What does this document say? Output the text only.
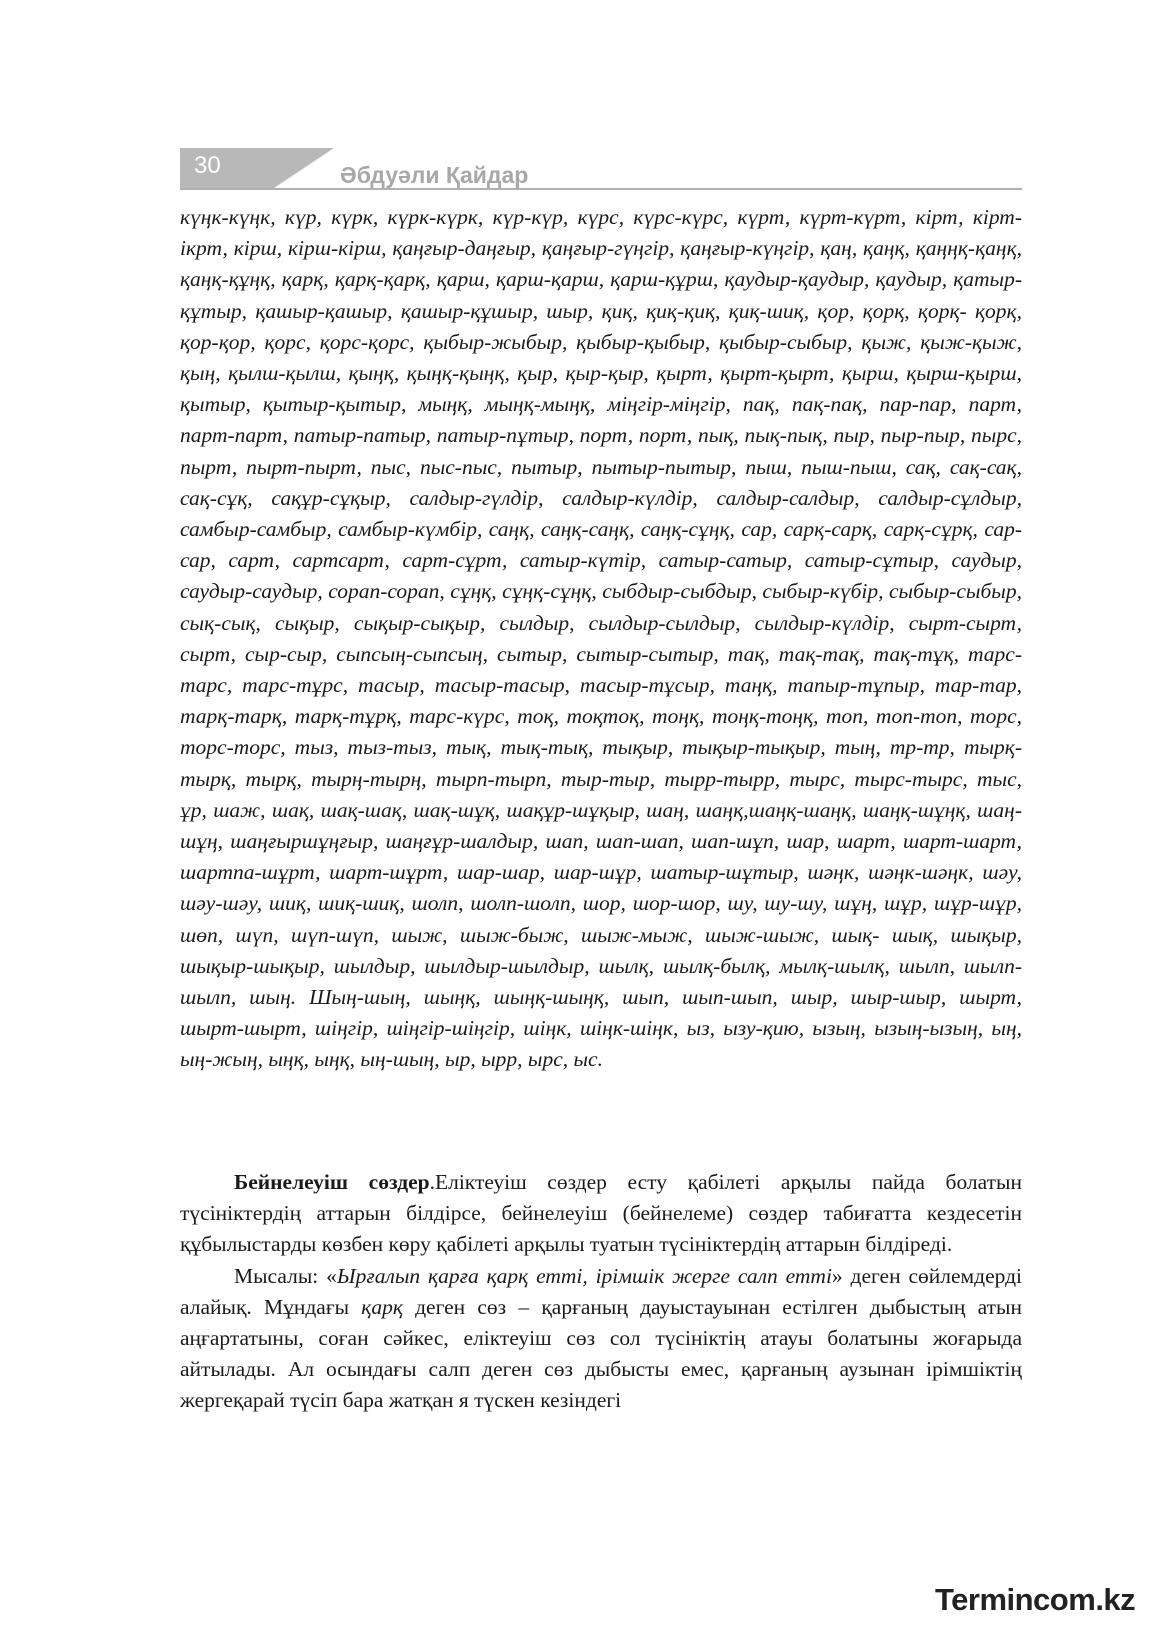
30	Әбдуәли Қайдар

күңк-күңк, күр, күрк, күрк-күрк, күр-күр, күрс, күрс-күрс, күрт, күрт-күрт, кірт, кірт-ікрт, кірш, кірш-кірш, қаңғыр-даңғыр, қаңғыр-гүңгір, қаңғыр-күңгір, қаң, қаңқ, қаңңқ-қаңқ, қаңқ-құңқ, қарқ, қарқ-қарқ, қарш, қарш-қарш, қарш-құрш, қаудыр-қаудыр, қаудыр, қатыр-құтыр, қашыр-қашыр, қашыр-құшыр, шыр, қиқ, қиқ-қиқ, қиқ-шиқ, қор, қорқ, қорқ- қорқ, қор-қор, қорс, қорс-қорс, қыбыр-жыбыр, қыбыр-қыбыр, қыбыр-сыбыр, қыж, қыж-қыж, қың, қылш-қылш, қыңқ, қыңқ-қыңқ, қыр, қыр-қыр, қырт, қырт-қырт, қырш, қырш-қырш, қытыр, қытыр-қытыр, мыңқ, мыңқ-мыңқ, міңгір-міңгір, пақ, пақ-пақ, пар-пар, парт, парт-парт, патыр-патыр, патыр-пұтыр, порт, порт, пық, пық-пық, пыр, пыр-пыр, пырс, пырт, пырт-пырт, пыс, пыс-пыс, пытыр, пытыр-пытыр, пыш, пыш-пыш, сақ, сақ-сақ, сақ-сұқ, сақұр-сұқыр, салдыр-гүлдір, салдыр-күлдір, салдыр-салдыр, салдыр-сұлдыр, самбыр-самбыр, самбыр-күмбір, саңқ, саңқ-саңқ, саңқ-сұңқ, сар, сарқ-сарқ, сарқ-сұрқ, сар-сар, сарт, сартсарт, сарт-сұрт, сатыр-күтір, сатыр-сатыр, сатыр-сұтыр, саудыр, саудыр-саудыр, сорап-сорап, сұңқ, сұңқ-сұңқ, сыбдыр-сыбдыр, сыбыр-күбір, сыбыр-сыбыр, сық-сық, сықыр, сықыр-сықыр, сылдыр, сылдыр-сылдыр, сылдыр-күлдір, сырт-сырт, сырт, сыр-сыр, сыпсың-сыпсың, сытыр, сытыр-сытыр, тақ, тақ-тақ, тақ-тұқ, тарс-тарс, тарс-тұрс, тасыр, тасыр-тасыр, тасыр-тұсыр, таңқ, тапыр-тұпыр, тар-тар, тарқ-тарқ, тарқ-тұрқ, тарс-күрс, тоқ, тоқтоқ, тоңқ, тоңқ-тоңқ, топ, топ-топ, торс, торс-торс, тыз, тыз-тыз, тық, тық-тық, тықыр, тықыр-тықыр, тың, тр-тр, тырқ-тырқ, тырқ, тырң-тырң, тырп-тырп, тыр-тыр, тырр-тырр, тырс, тырс-тырс, тыс, ұр, шаж, шақ, шақ-шақ, шақ-шұқ, шақұр-шұқыр, шаң, шаңқ,шаңқ-шаңқ, шаңқ-шұңқ, шаң-шұң, шаңғыршұңғыр, шаңғұр-шалдыр, шап, шап-шап, шап-шұп, шар, шарт, шарт-шарт, шартпа-шұрт, шарт-шұрт, шар-шар, шар-шұр, шатыр-шұтыр, шәңк, шәңк-шәңк, шәу, шәу-шәу, шиқ, шиқ-шиқ, шолп, шолп-шолп, шор, шор-шор, шу, шу-шу, шұң, шұр, шұр-шұр, шөп, шүп, шүп-шүп, шыж, шыж-быж, шыж-мыж, шыж-шыж, шық- шық, шықыр, шықыр-шықыр, шылдыр, шылдыр-шылдыр, шылқ, шылқ-былқ, мылқ-шылқ, шылп, шылп-шылп, шың. Шың-шың, шыңқ, шыңқ-шыңқ, шып, шып-шып, шыр, шыр-шыр, шырт, шырт-шырт, шіңгір, шіңгір-шіңгір, шіңк, шіңк-шіңк, ыз, ызу-қию, ызың, ызың-ызың, ың, ың-жың, ыңқ, ыңқ, ың-шың, ыр, ырр, ырс, ыс.

Бейнелеуіш сөздер.Еліктеуіш сөздер есту қабілеті арқылы пайда болатын түсініктердің аттарын білдірсе, бейнелеуіш (бейнелеме) сөздер табиғатта кездесетін құбылыстарды көзбен көру қабілеті арқылы туатын түсініктердің аттарын білдіреді.

Мысалы: «Ырғалып қарға қарқ етті, ірімшік жерге салп етті» деген сөйлемдерді алайық. Мұндағы қарқ деген сөз – қарғаның дауыстауынан естілген дыбыстың атын аңғартатыны, соған сәйкес, еліктеуіш сөз сол түсініктің атауы болатыны жоғарыда айтылады. Ал осындағы салп деген сөз дыбысты емес, қарғаның аузынан ірімшіктің жергеқарай түсіп бара жатқан я түскен кезіндегі

Termincоm.kz
